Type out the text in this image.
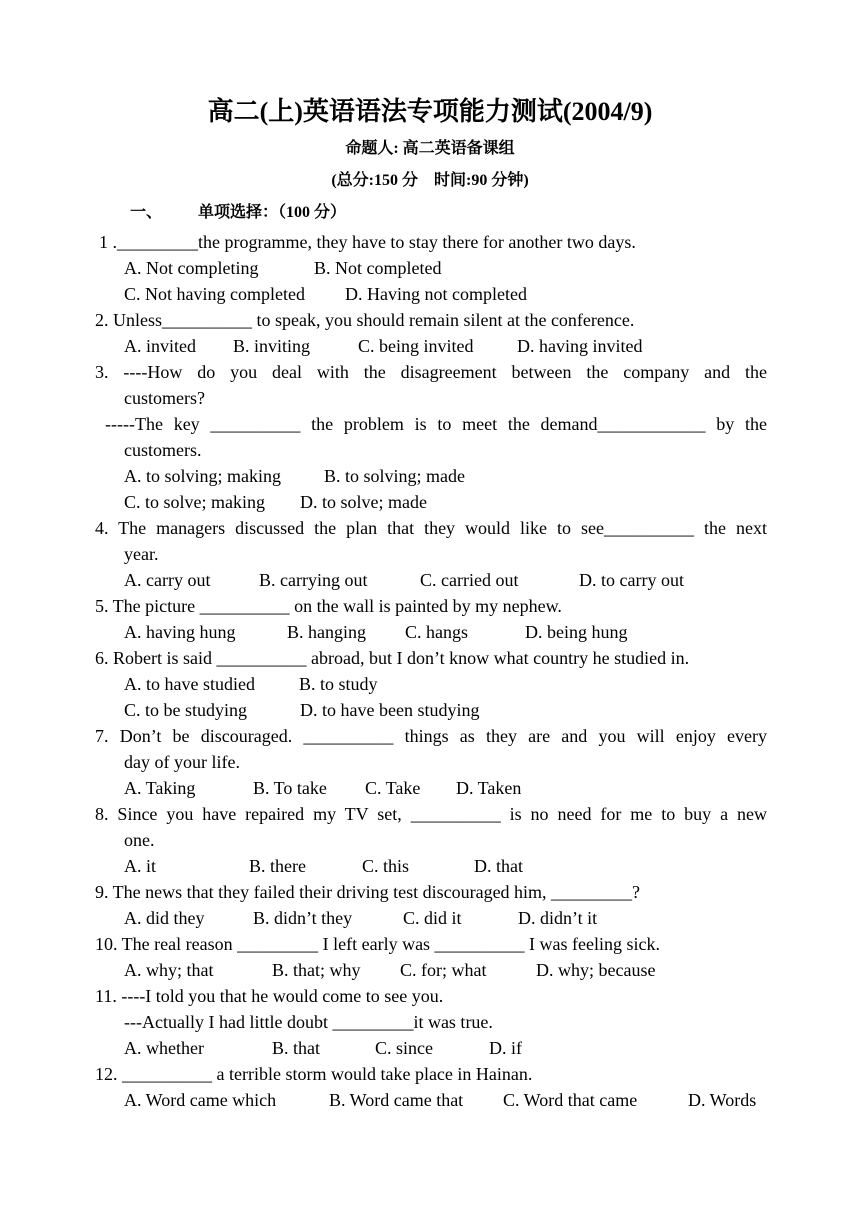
高二(上)英语语法专项能力测试(2004/9)
命题人: 高二英语备课组
(总分:150 分　时间:90 分钟)
一、 单项选择：（100 分）
1 ._________the programme, they have to stay there for another two days.
A. Not completing	B. Not completed
C. Not having completed D. Having not completed
2. Unless__________ to speak, you should remain silent at the conference.
A. invited B. inviting	C. being invited D. having invited
3. ----How do you deal with the disagreement between the company and the
customers?
-----The key __________ the problem is to meet the demand____________ by the
customers.
A. to solving; making B. to solving; made
C. to solve; making D. to solve; made
4. The managers discussed the plan that they would like to see__________ the next
year.
A. carry out	B. carrying out	C. carried out	D. to carry out
5. The picture __________ on the wall is painted by my nephew.
A. having hung	B. hanging C. hangs	D. being hung
6. Robert is said __________ abroad, but I don’t know what country he studied in.
A. to have studied B. to study
C. to be studying	D. to have been studying
7. Don’t be discouraged. __________ things as they are and you will enjoy every
day of your life.
A. Taking	B. To take C. Take D. Taken
8. Since you have repaired my TV set, __________ is no need for me to buy a new
one.
A. it	B. there	C. this	D. that
9. The news that they failed their driving test discouraged him, _________?
A. did they	B. didn’t they	C. did it	D. didn’t it
10. The real reason _________ I left early was __________ I was feeling sick.
A. why; that	B. that; why C. for; what	D. why; because
11. ----I told you that he would come to see you.
---Actually I had little doubt _________it was true.
A. whether	B. that	C. since	D. if
12. __________ a terrible storm would take place in Hainan.
A. Word came which	B. Word came that C. Word that came	D. Words
